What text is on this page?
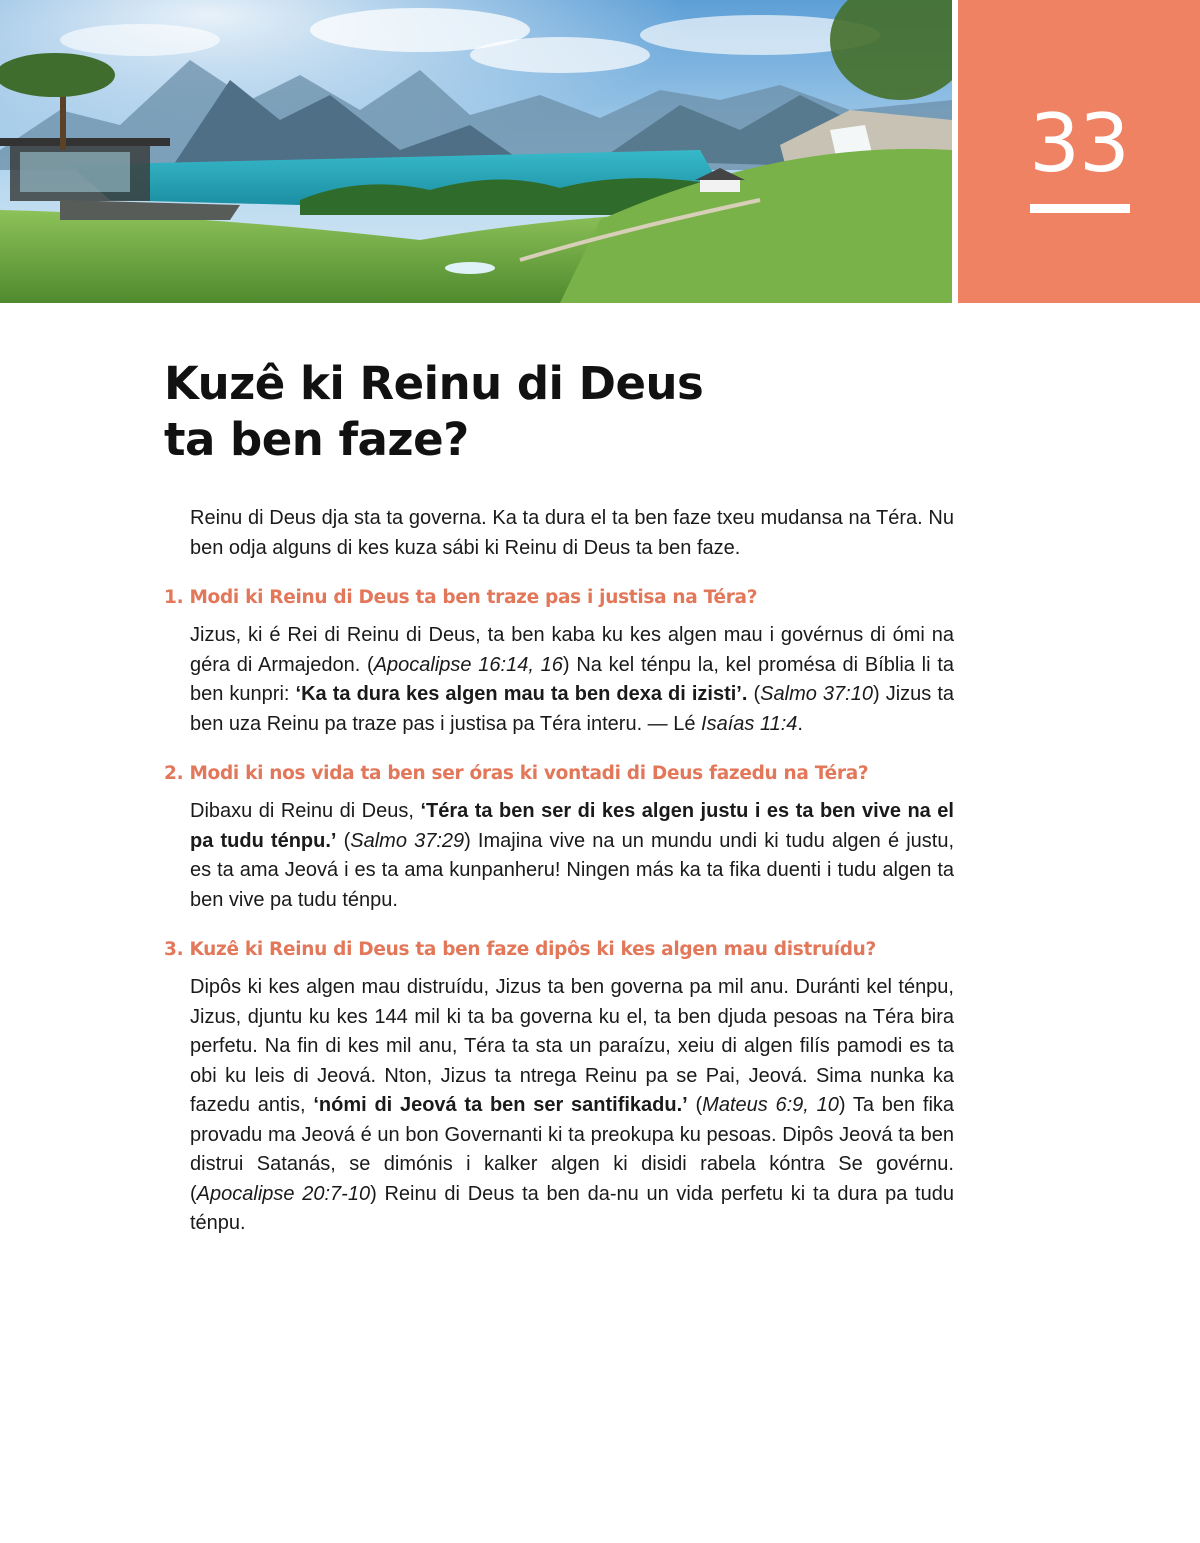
33
Kuzê ki Reinu di Deus
ta ben faze?

Reinu di Deus dja sta ta governa. Ka ta dura el ta ben faze txeu mudansa na Téra. Nu ben odja alguns di kes kuza sábi ki Reinu di Deus ta ben faze.

1. Modi ki Reinu di Deus ta ben traze pas i justisa na Téra?

Jizus, ki é Rei di Reinu di Deus, ta ben kaba ku kes algen mau i govérnus di ómi na géra di Armajedon. (Apocalipse 16:14, 16) Na kel ténpu la, kel promésa di Bíblia li ta ben kunpri: ‘Ka ta dura kes algen mau ta ben dexa di izisti’. (Salmo 37:10) Jizus ta ben uza Reinu pa traze pas i justisa pa Téra interu. — Lé Isaías 11:4.

2. Modi ki nos vida ta ben ser óras ki vontadi di Deus fazedu na Téra?

Dibaxu di Reinu di Deus, ‘Téra ta ben ser di kes algen justu i es ta ben vive na el pa tudu ténpu.’ (Salmo 37:29) Imajina vive na un mundu undi ki tudu algen é justu, es ta ama Jeová i es ta ama kunpanheru! Ningen más ka ta fika duenti i tudu algen ta ben vive pa tudu ténpu.

3. Kuzê ki Reinu di Deus ta ben faze dipôs ki kes algen mau distruídu?

Dipôs ki kes algen mau distruídu, Jizus ta ben governa pa mil anu. Duránti kel ténpu, Jizus, djuntu ku kes 144 mil ki ta ba governa ku el, ta ben djuda pesoas na Téra bira perfetu. Na fin di kes mil anu, Téra ta sta un paraízu, xeiu di algen filís pamodi es ta obi ku leis di Jeová. Nton, Jizus ta ntrega Reinu pa se Pai, Jeová. Sima nunka ka fazedu antis, ‘nómi di Jeová ta ben ser santifikadu.’ (Mateus 6:9, 10) Ta ben fika provadu ma Jeová é un bon Governanti ki ta preokupa ku pesoas. Dipôs Jeová ta ben distrui Satanás, se dimónis i kalker algen ki disidi rabela kóntra Se govérnu. (Apocalipse 20:7-10) Reinu di Deus ta ben da-nu un vida perfetu ki ta dura pa tudu ténpu.
